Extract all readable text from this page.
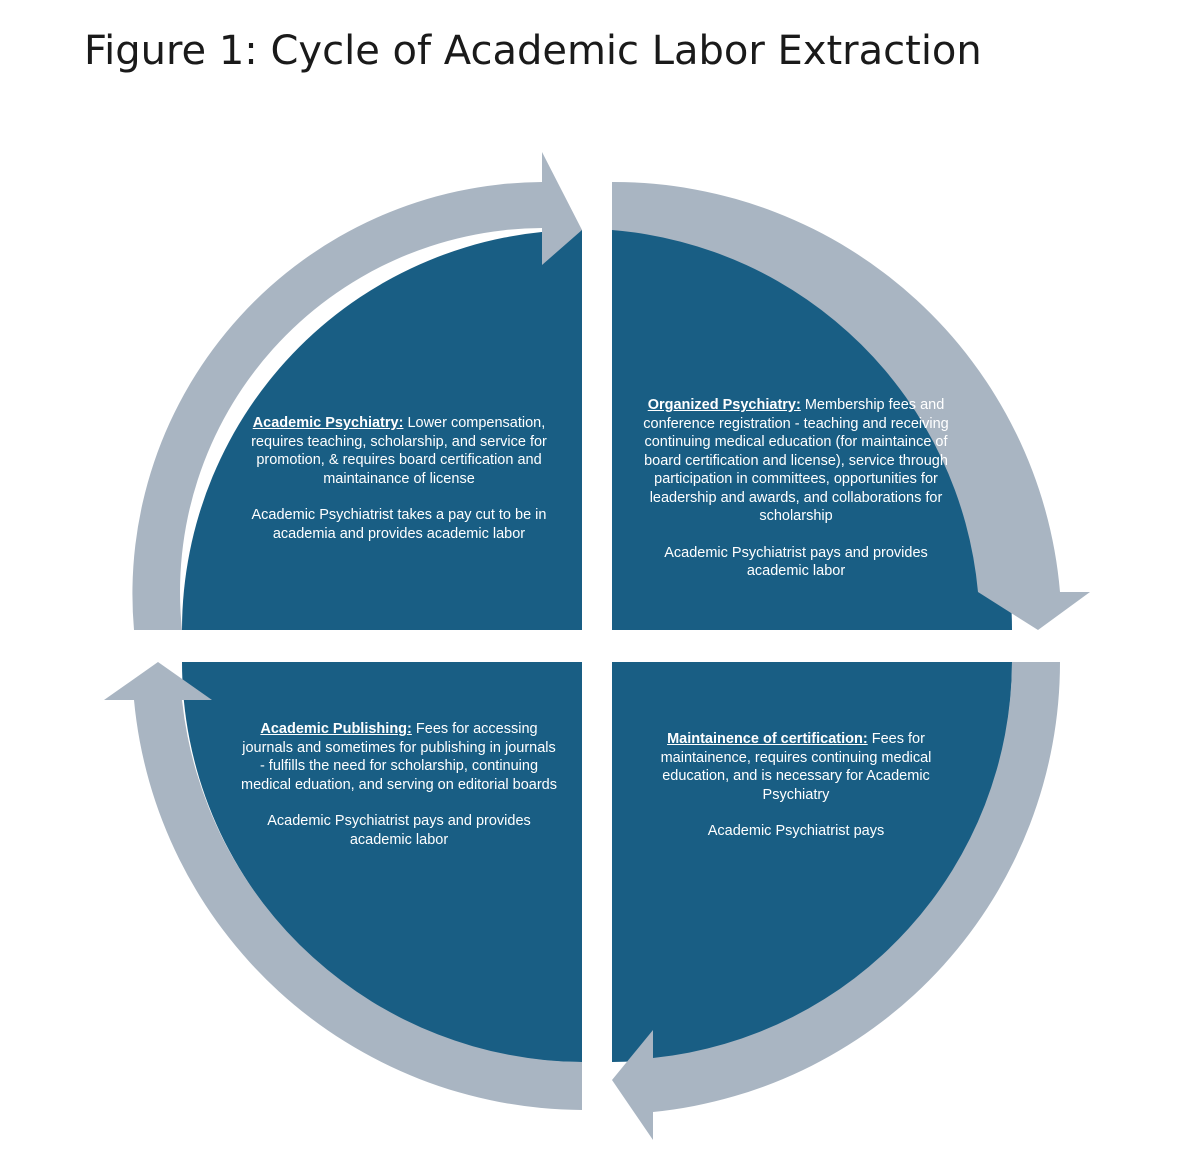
Figure 1: Cycle of Academic Labor Extraction

Academic Psychiatry: Lower compensation, requires teaching, scholarship, and service for promotion, & requires board certification and maintainance of license

Academic Psychiatrist takes a pay cut to be in academia and provides academic labor

Organized Psychiatry: Membership fees and conference registration - teaching and receiving continuing medical education (for maintaince of board certification and license), service through participation in committees, opportunities for leadership and awards, and collaborations for scholarship

Academic Psychiatrist pays and provides academic labor

Maintainence of certification: Fees for maintainence, requires continuing medical education, and is necessary for Academic Psychiatry

Academic Psychiatrist pays

Academic Publishing: Fees for accessing journals and sometimes for publishing in journals - fulfills the need for scholarship, continuing medical eduation, and serving on editorial boards

Academic Psychiatrist pays and provides academic labor
